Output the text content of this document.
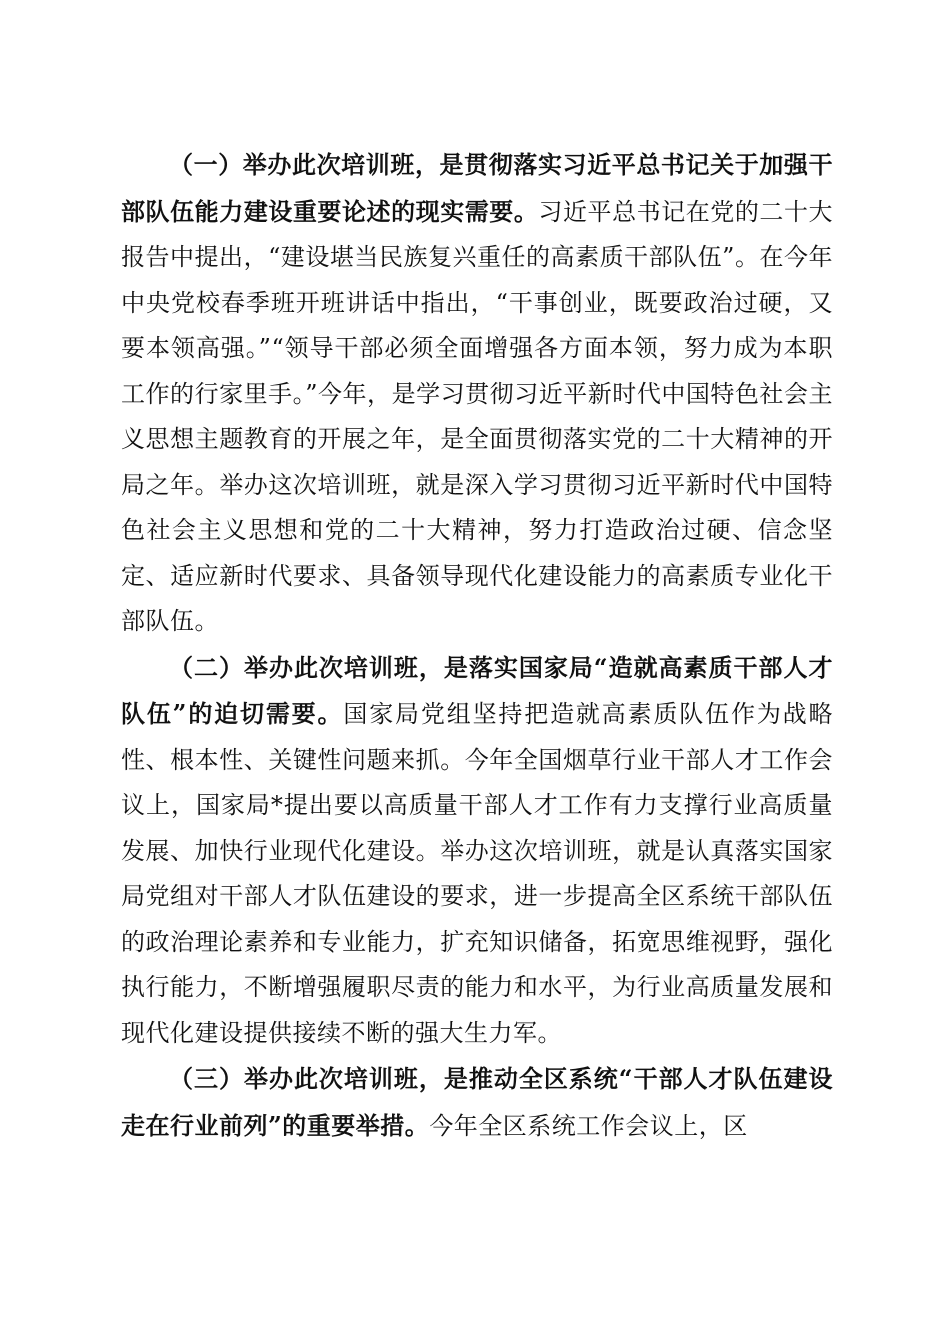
（一）举办此次培训班，是贯彻落实习近平总书记关于加强干部队伍能力建设重要论述的现实需要。习近平总书记在党的二十大报告中提出，“建设堪当民族复兴重任的高素质干部队伍”。在今年中央党校春季班开班讲话中指出，“干事创业，既要政治过硬，又要本领高强。”“领导干部必须全面增强各方面本领，努力成为本职工作的行家里手。”今年，是学习贯彻习近平新时代中国特色社会主义思想主题教育的开展之年，是全面贯彻落实党的二十大精神的开局之年。举办这次培训班，就是深入学习贯彻习近平新时代中国特色社会主义思想和党的二十大精神，努力打造政治过硬、信念坚定、适应新时代要求、具备领导现代化建设能力的高素质专业化干部队伍。

（二）举办此次培训班，是落实国家局“造就高素质干部人才队伍”的迫切需要。国家局党组坚持把造就高素质队伍作为战略性、根本性、关键性问题来抓。今年全国烟草行业干部人才工作会议上，国家局*提出要以高质量干部人才工作有力支撑行业高质量发展、加快行业现代化建设。举办这次培训班，就是认真落实国家局党组对干部人才队伍建设的要求，进一步提高全区系统干部队伍的政治理论素养和专业能力，扩充知识储备，拓宽思维视野，强化执行能力，不断增强履职尽责的能力和水平，为行业高质量发展和现代化建设提供接续不断的强大生力军。

（三）举办此次培训班，是推动全区系统“干部人才队伍建设走在行业前列”的重要举措。今年全区系统工作会议上，区
